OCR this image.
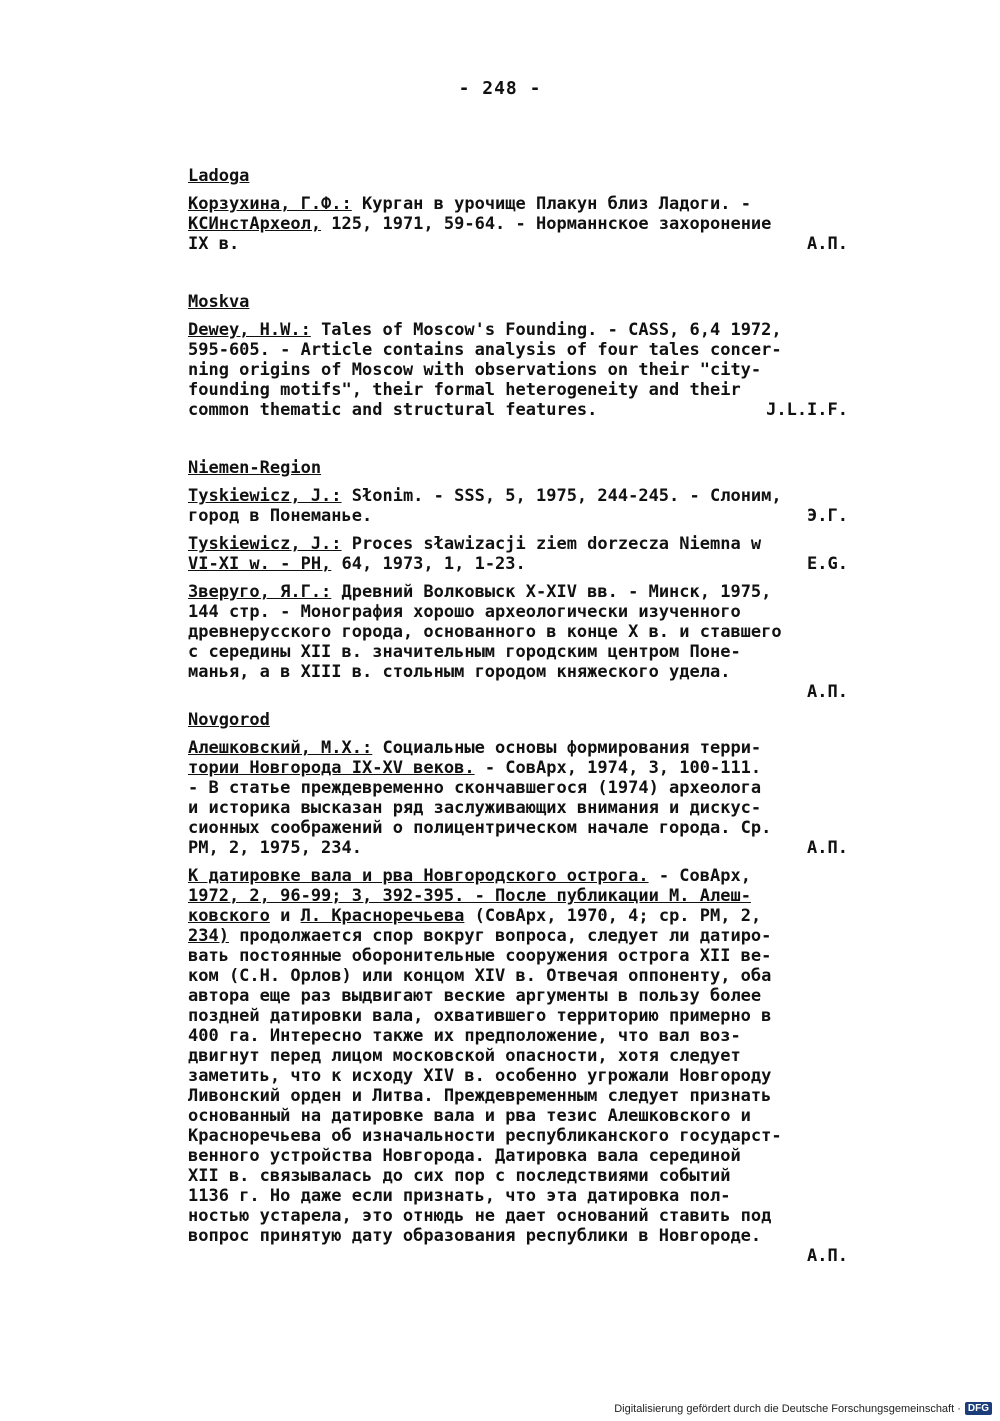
- 248 -
Ladoga
Корзухина, Г.Ф.: Курган в урочище Плакун близ Ладоги. -
КСИнстАрхеол, 125, 1971, 59-64. - Норманнское захоронение
IX в.	А.П.
Moskva
Dewey, H.W.: Tales of Moscow's Founding. - CASS, 6,4 1972,
595-605. - Article contains analysis of four tales concer-
ning origins of Moscow with observations on their "city-
founding motifs", their formal heterogeneity and their
common thematic and structural features.	J.L.I.F.
Niemen-Region
Tyskiewicz, J.: Słonim. - SSS, 5, 1975, 244-245. - Слоним,
город в Понеманье.	Э.Г.
Tyskiewicz, J.: Proces sławizacji ziem dorzecza Niemna w
VI-XI w. - PH, 64, 1973, 1, 1-23.	E.G.
Зверуго, Я.Г.: Древний Волковыск X-XIV вв. - Минск, 1975,
144 стр. - Монография хорошо археологически изученного
древнерусского города, основанного в конце X в. и ставшего
с середины XII в. значительным городским центром Поне-
манья, а в XIII в. стольным городом княжеского удела.
А.П.
Novgorod
Алешковский, М.Х.: Социальные основы формирования терри-
тории Новгорода IX-XV веков. - СовАрх, 1974, 3, 100-111.
- В статье преждевременно скончавшегося (1974) археолога
и историка высказан ряд заслуживающих внимания и дискус-
сионных соображений о полицентрическом начале города. Ср.
PM, 2, 1975, 234.	А.П.
К датировке вала и рва Новгородского острога. - СовАрх,
1972, 2, 96-99; 3, 392-395. - После публикации М. Алеш-
ковского и Л. Красноречьева (СовАрх, 1970, 4; ср. PM, 2,
234) продолжается спор вокруг вопроса, следует ли датиро-
вать постоянные оборонительные сооружения острога XII ве-
ком (С.Н. Орлов) или концом XIV в. Отвечая оппоненту, оба
автора еще раз выдвигают веские аргументы в пользу более
поздней датировки вала, охватившего территорию примерно в
400 га. Интересно также их предположение, что вал воз-
двигнут перед лицом московской опасности, хотя следует
заметить, что к исходу XIV в. особенно угрожали Новгороду
Ливонский орден и Литва. Преждевременным следует признать
основанный на датировке вала и рва тезис Алешковского и
Красноречьева об изначальности республиканского государст-
венного устройства Новгорода. Датировка вала серединой
XII в. связывалась до сих пор с последствиями событий
1136 г. Но даже если признать, что эта датировка пол-
ностью устарела, это отнюдь не дает оснований ставить под
вопрос принятую дату образования республики в Новгороде.
А.П.
Digitalisierung gefördert durch die Deutsche Forschungsgemeinschaft · DFG
